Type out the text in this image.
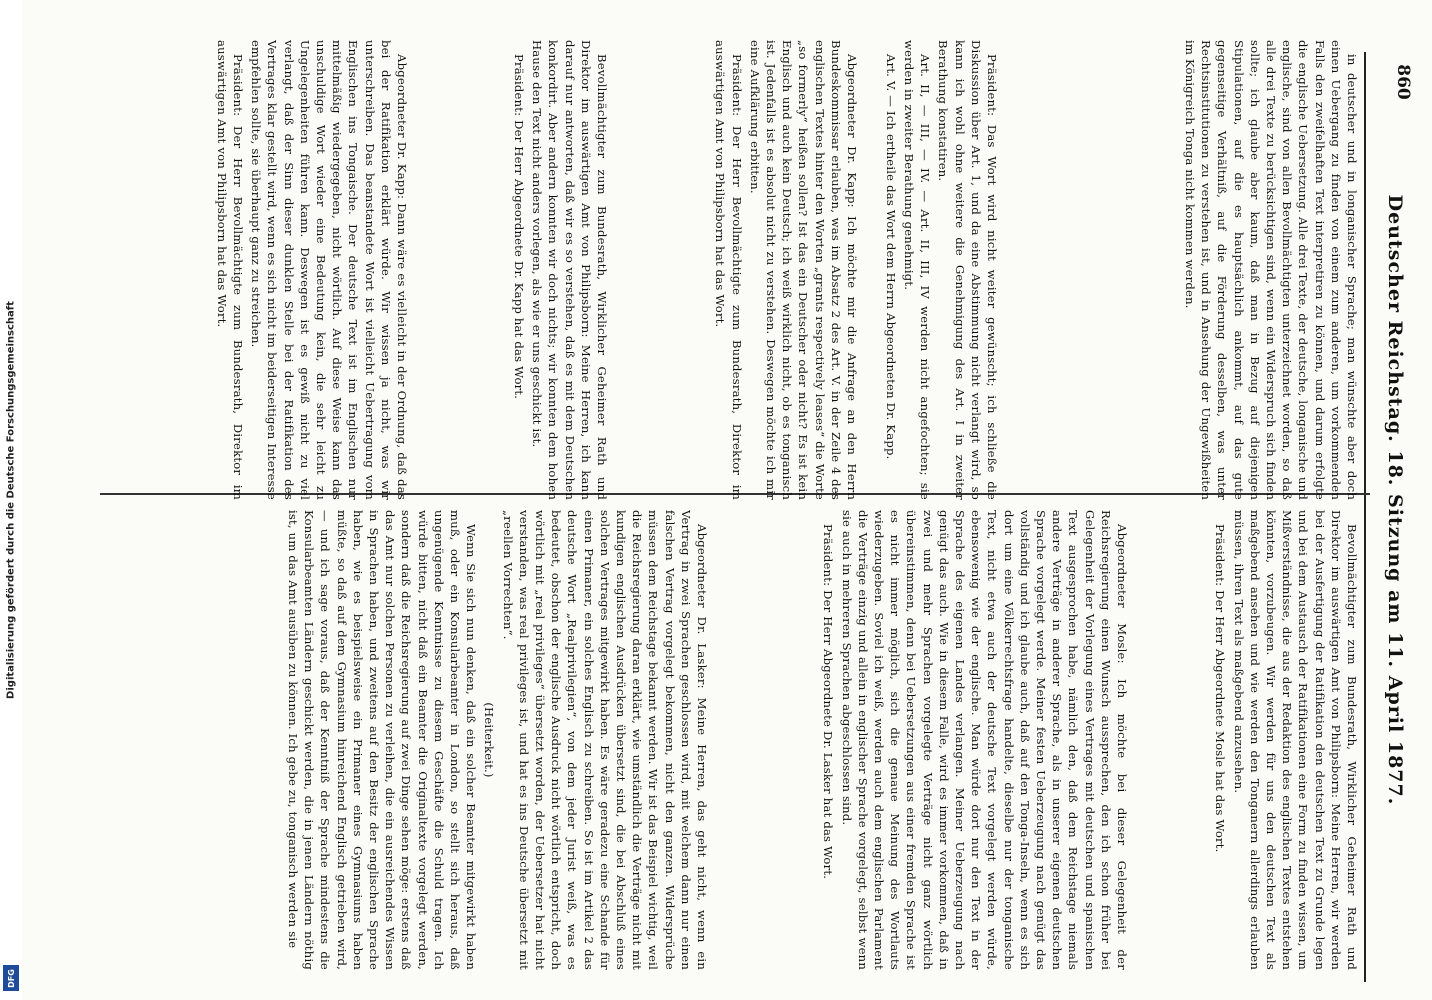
Digitalisierung gefördert durch die Deutsche Forschungsgemeinschaft
DFG
860
Deutscher Reichstag. 18. Sitzung am 11. April 1877.

in deutscher und in longanischer Sprache; man wünschte aber doch einen Uebergang zu finden von einem zum anderen, um vorkommenden Falls den zweifelhaften Text interpretiren zu können, und darum erfolgte die englische Uebersetzung. Alle drei Texte, der deutsche, longanische und englische, sind von allen Bevollmächtigten unterzeichnet worden, so daß alle drei Texte zu berücksichtigen sind, wenn ein Widerspruch sich finden sollte; ich glaube aber kaum, daß man in Bezug auf diejenigen Stipulationen, auf die es hauptsächlich ankommt, auf das gute gegenseitige Verhältniß, auf die Förderung desselben, was unter Rechtsinstitutionen zu verstehen ist, und in Ansehung der Ungewißheiten im Königreich Tonga nicht kommen werden.

Präsident: Das Wort wird nicht weiter gewünscht; ich schließe die Diskussion über Art. 1, und da eine Abstimmung nicht verlangt wird, so kann ich wohl ohne weitere die Genehmigung des Art. I in zweiter Berathung konstatiren.

Art. II, — III, — IV. — Art. II, III, IV werden nicht angefochten; sie werden in zweiter Berathung genehmigt.

Art. V. — Ich ertheile das Wort dem Herrn Abgeordneten Dr. Kapp.

Abgeordneter Dr. Kapp: Ich möchte mir die Anfrage an den Herrn Bundeskommissar erlauben, was im Absatz 2 des Art. V. in der Zeile 4 des englischen Textes hinter den Worten „grants respectively leases“ die Worte „so formerly“ heißen sollen? Ist das ein Deutscher oder nicht? Es ist kein Englisch und auch kein Deutsch; ich weiß wirklich nicht, ob es tonganisch ist. Jedenfalls ist es absolut nicht zu verstehen. Deswegen möchte ich mir eine Aufklärung erbitten.

Präsident: Der Herr Bevollmächtigte zum Bundesrath, Direktor im auswärtigen Amt von Philipsborn hat das Wort.

Bevollmächtigter zum Bundesrath, Wirklicher Geheimer Rath und Direktor im auswärtigen Amt von Philipsborn: Meine Herren, ich kann darauf nur antworten, daß wir es so verstehen, daß es mit dem Deutschen konkordirt. Aber andern konnten wir doch nichts; wir konnten dem hohen Hause den Text nicht anders vorlegen, als wie er uns geschickt ist.

Präsident: Der Herr Abgeordnete Dr. Kapp hat das Wort.

Abgeordneter Dr. Kapp: Dann wäre es vielleicht in der Ordnung, daß das bei der Ratifikation erklärt würde. Wir wissen ja nicht, was wir unterschreiben. Das beanstandete Wort ist vielleicht Uebertragung vom Englischen ins Tongaische. Der deutsche Text ist im Englischen nur mittelmäßig wiedergegeben, nicht wörtlich. Auf diese Weise kann das unschuldige Wort wieder eine Bedeutung kein, die sehr leicht zu Ungelegenheiten führen kann. Deswegen ist es gewiß nicht zu viel verlangt, daß der Sinn dieser dunklen Stelle bei der Ratifikation des Vertrages klar gestellt wird, wenn es sich nicht im beiderseitigen Interesse empfehlen sollte, sie überhaupt ganz zu streichen.

Präsident: Der Herr Bevollmächtigte zum Bundesrath, Direktor im auswärtigen Amt von Philipsborn hat das Wort.

Bevollmächtigter zum Bundesrath, Wirklicher Geheimer Rath und Direktor im auswärtigen Amt von Philipsborn: Meine Herren, wir werden bei der Ausfertigung der Ratifikation den deutschen Text zu Grunde legen und bei dem Austausch der Ratifikationen eine Form zu finden wissen, um Mißverständnisse, die aus der Redaktion des englischen Textes entstehen könnten, vorzubeugen. Wir werden für uns den deutschen Text als maßgebend ansehen und wie werden den Tonganern allerdings erlauben müssen, ihren Text als maßgebend anzusehen.

Präsident: Der Herr Abgeordnete Mosle hat das Wort.

Abgeordneter Mosle: Ich möchte bei dieser Gelegenheit der Reichsregierung einen Wunsch aussprechen, den ich schon früher bei Gelegenheit der Vorlegung eines Vertrages mit deutschen und spanischen Text ausgesprochen habe, nämlich den, daß dem Reichstage niemals andere Verträge in anderer Sprache, als in unserer eigenen deutschen Sprache vorgelegt werde. Meiner festen Ueberzeugung nach genügt das vollständig und ich glaube auch, daß auf den Tonga-Inseln, wenn es sich dort um eine Völkerrechtsfrage handelte, dieselbe nur der tonganische Text, nicht etwa auch der deutsche Text vorgelegt werden würde, ebensowenig wie der englische. Man würde dort nur den Text in der Sprache des eigenen Landes verlangen. Meiner Ueberzeugung nach genügt das auch. Wie in diesem Falle, wird es immer vorkommen, daß in zwei und mehr Sprachen vorgelegte Verträge nicht ganz wörtlich übereinstimmen, denn bei Uebersetzungen aus einer fremden Sprache ist es nicht immer möglich, sich die genaue Meinung des Wortlauts wiederzugeben. Soviel ich weiß, werden auch dem englischen Parlament die Verträge einzig und allein in englischer Sprache vorgelegt, selbst wenn sie auch in mehreren Sprachen abgeschlossen sind.

Präsident: Der Herr Abgeordnete Dr. Lasker hat das Wort.

Abgeordneter Dr. Lasker: Meine Herren, das geht nicht, wenn ein Vertrag in zwei Sprachen geschlossen wird, mit welchem dann nur einen falschen Vertrag vorgelegt bekommen, nicht den ganzen. Widersprüche müssen dem Reichstage bekannt werden. Wir ist das Beispiel wichtig, weil die Reichsregierung daran erklärt, wie umständlich die Verträge nicht mit kundigen englischen Ausdrücken übersetzt sind, die bei Abschluß eines solchen Vertrages mitgewirkt haben. Es wäre geradezu eine Schande für einen Primaner, ein solches Englisch zu schreiben. So ist im Artikel 2 das deutsche Wort „Realprivilegien“, von dem jeder Jurist weiß, was es bedeutet, obschon der englische Ausdruck nicht wörtlich entspricht, doch wörtlich mit „real privileges“ übersetzt worden, der Uebersetzer hat nicht verstanden, was real privileges ist, und hat es ins Deutsche übersetzt mit „reellen Vorrechten“.

(Heiterkeit.)

Wenn Sie sich nun denken, daß ein solcher Beamter mitgewirkt haben muß, oder ein Konsularbeamter in London, so stellt sich heraus, daß ungenügende Kenntnisse zu diesem Geschäfte die Schuld tragen. Ich würde bitten, nicht daß ein Beamter die Originaltexte vorgelegt werden, sondern daß die Reichsregierung auf zwei Dinge sehen möge: erstens daß das Amt nur solchen Personen zu verleihen, die ein ausreichendes Wissen in Sprachen haben, und zweitens auf den Besitz der englischen Sprache haben, wie es beispielsweise ein Primaner eines Gymnasiums haben müßte, so daß auf dem Gymnasium hinreichend Englisch getrieben wird, — und ich sage voraus, daß der Kenntniß der Sprache mindestens die Konsularbeamten Ländern geschickt werden, die in jenen Ländern nöthig ist, um das Amt ausüben zu können. Ich gebe zu, tonganisch werden sie
